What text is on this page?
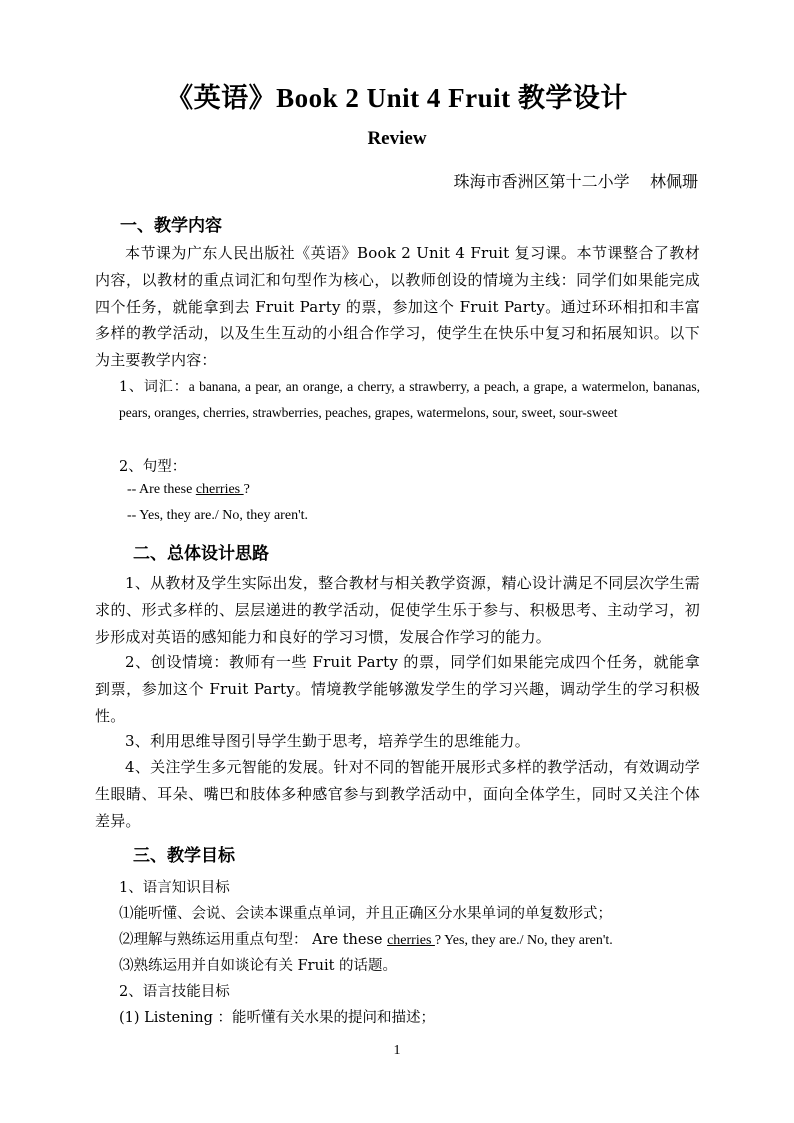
《英语》Book 2 Unit 4 Fruit 教学设计
Review
珠海市香洲区第十二小学    林佩珊
一、教学内容
本节课为广东人民出版社《英语》Book 2 Unit 4 Fruit 复习课。本节课整合了教材内容，以教材的重点词汇和句型作为核心，以教师创设的情境为主线：同学们如果能完成四个任务，就能拿到去 Fruit Party 的票，参加这个 Fruit Party。通过环环相扣和丰富多样的教学活动，以及生生互动的小组合作学习，使学生在快乐中复习和拓展知识。以下为主要教学内容：
1、词汇：a banana, a pear, an orange, a cherry, a strawberry, a peach, a grape, a watermelon, bananas, pears, oranges, cherries, strawberries, peaches, grapes, watermelons, sour, sweet, sour-sweet
2、句型：
-- Are these cherries ?
-- Yes, they are./ No, they aren't.
二、总体设计思路
1、从教材及学生实际出发，整合教材与相关教学资源，精心设计满足不同层次学生需求的、形式多样的、层层递进的教学活动，促使学生乐于参与、积极思考、主动学习，初步形成对英语的感知能力和良好的学习习惯，发展合作学习的能力。
2、创设情境：教师有一些 Fruit Party 的票，同学们如果能完成四个任务，就能拿到票，参加这个 Fruit Party。情境教学能够激发学生的学习兴趣，调动学生的学习积极性。
3、利用思维导图引导学生勤于思考，培养学生的思维能力。
4、关注学生多元智能的发展。针对不同的智能开展形式多样的教学活动，有效调动学生眼睛、耳朵、嘴巴和肢体多种感官参与到教学活动中，面向全体学生，同时又关注个体差异。
三、教学目标
1、语言知识目标
⑴能听懂、会说、会读本课重点单词，并且正确区分水果单词的单复数形式；
⑵理解与熟练运用重点句型： Are these cherries ? Yes, they are./ No, they aren't.
⑶熟练运用并自如谈论有关 Fruit 的话题。
2、语言技能目标
(1) Listening ：能听懂有关水果的提问和描述；
1
